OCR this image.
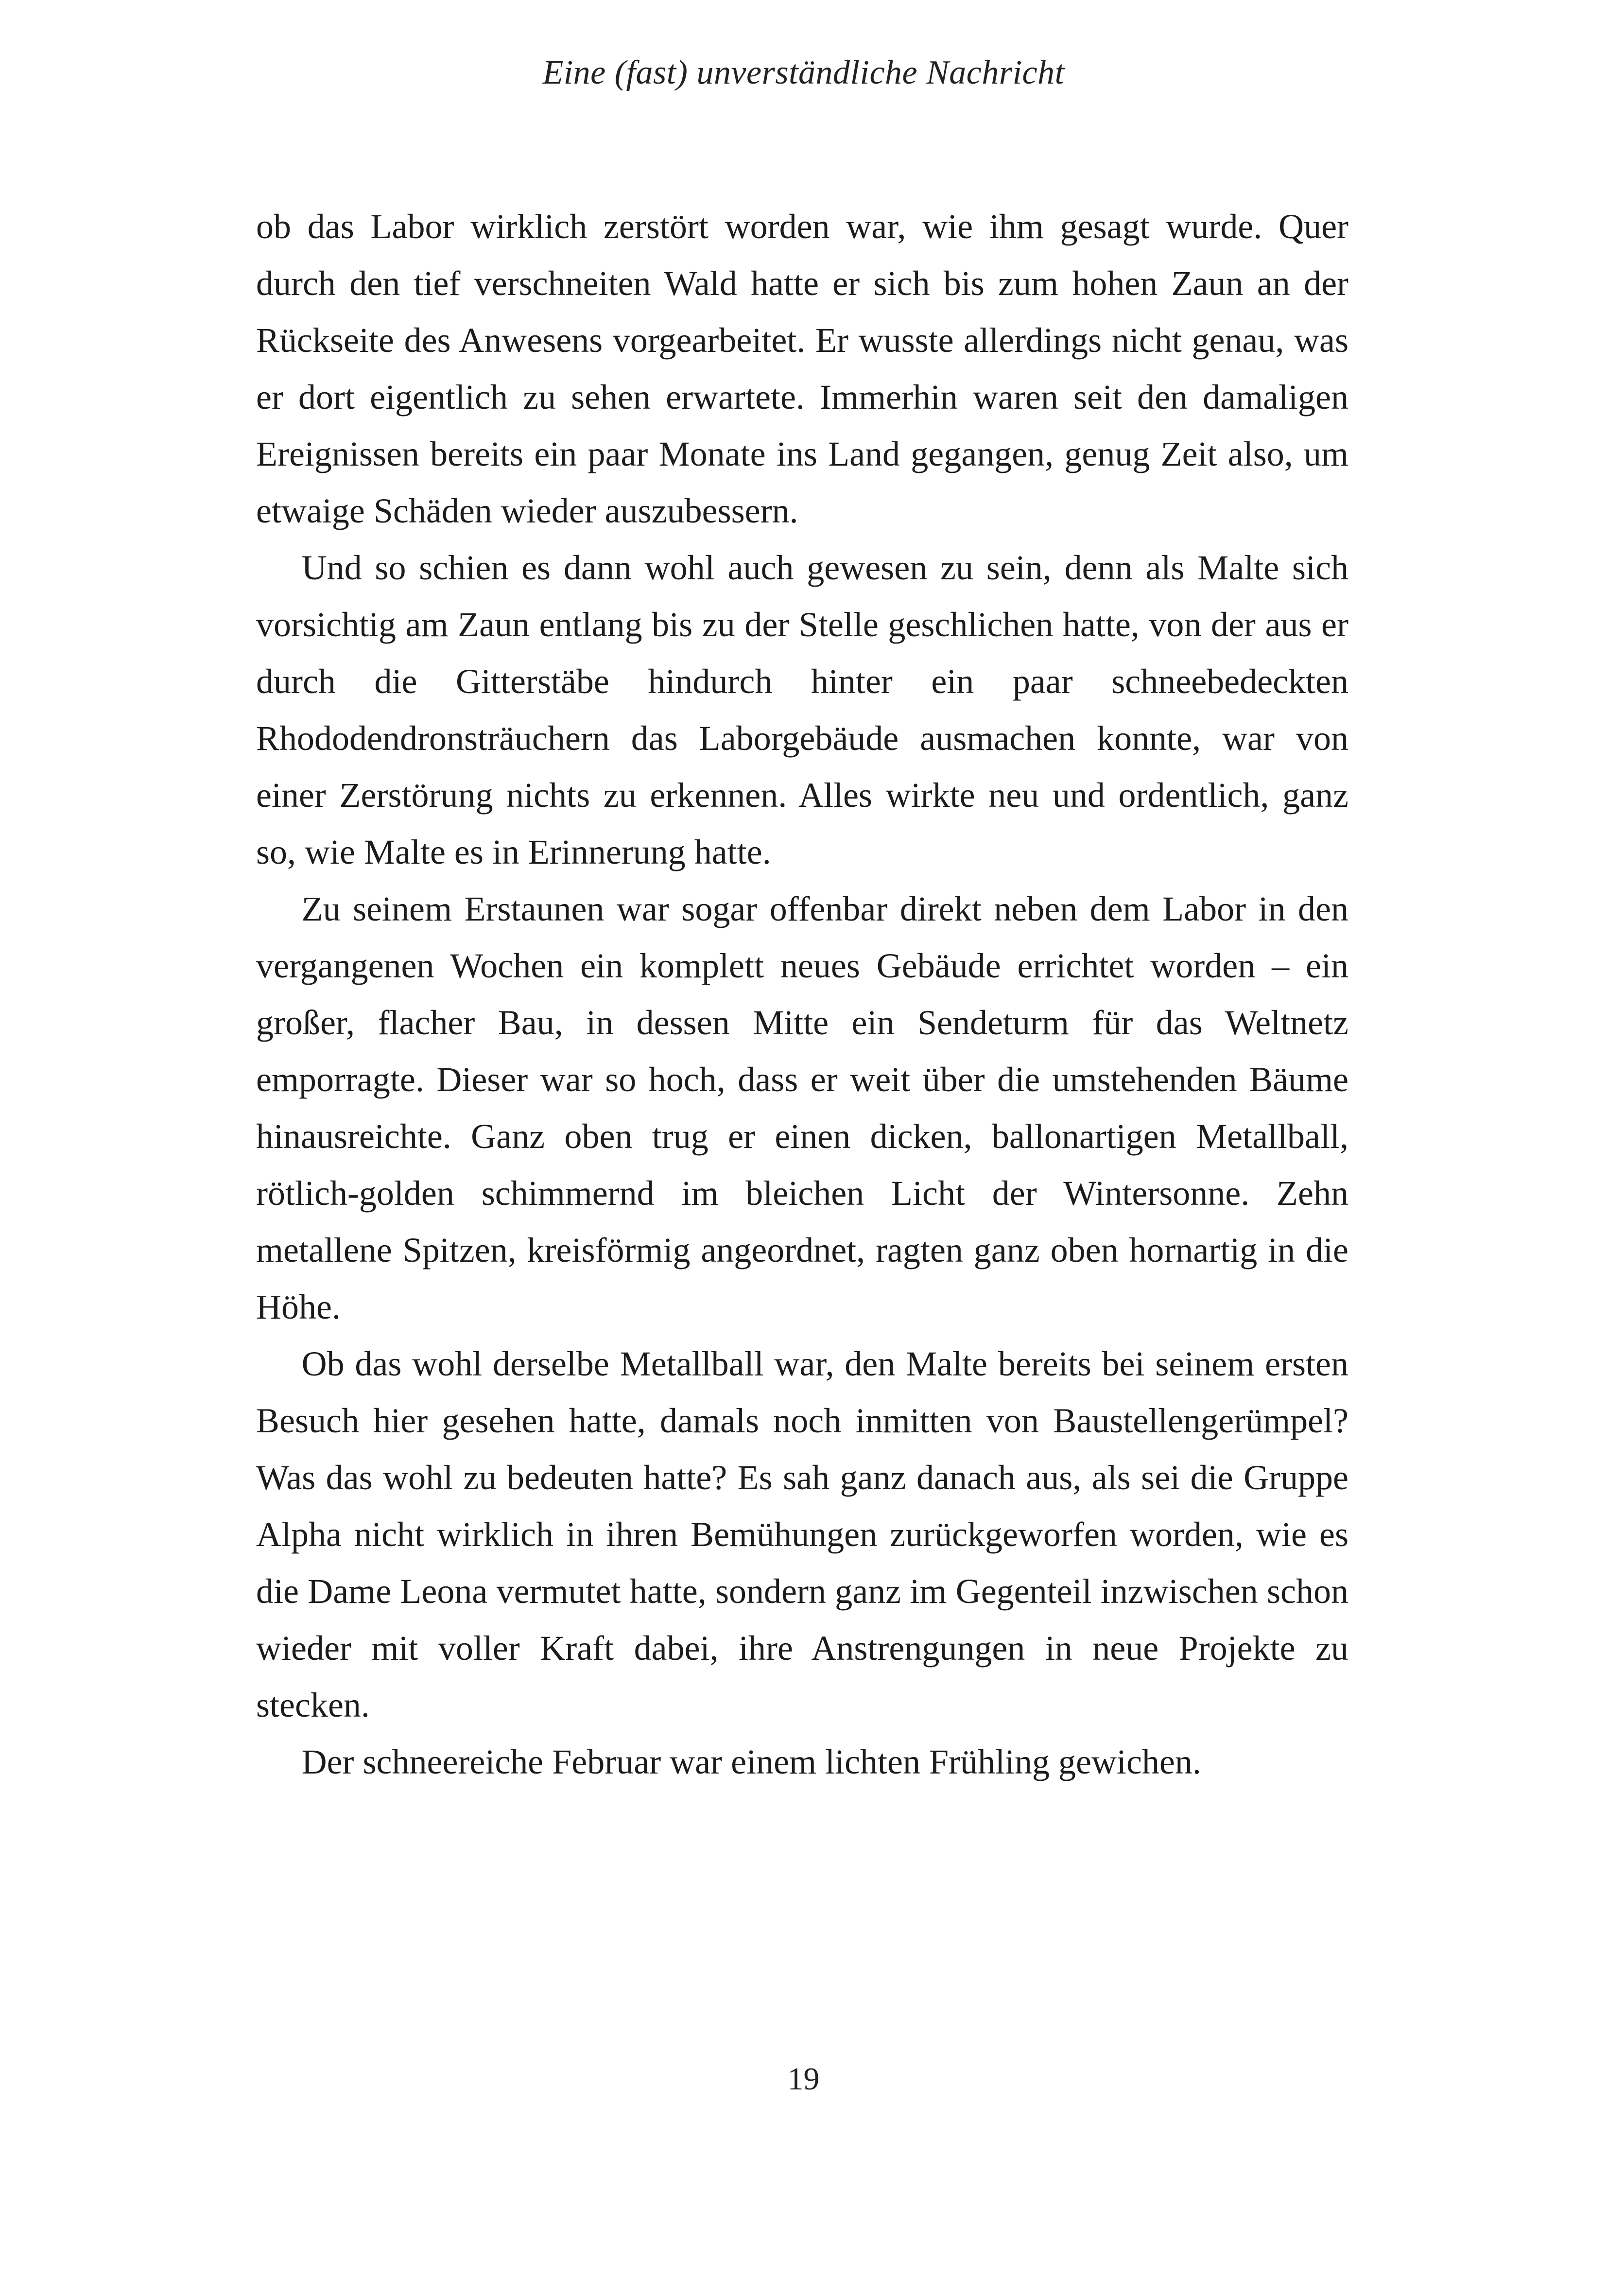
Eine (fast) unverständliche Nachricht

ob das Labor wirklich zerstört worden war, wie ihm gesagt wurde. Quer durch den tief verschneiten Wald hatte er sich bis zum hohen Zaun an der Rückseite des Anwesens vorgearbeitet. Er wusste allerdings nicht genau, was er dort eigentlich zu sehen erwartete. Immerhin waren seit den damaligen Ereignissen bereits ein paar Monate ins Land gegangen, genug Zeit also, um etwaige Schäden wieder auszubessern.

Und so schien es dann wohl auch gewesen zu sein, denn als Malte sich vorsichtig am Zaun entlang bis zu der Stelle geschlichen hatte, von der aus er durch die Gitterstäbe hindurch hinter ein paar schneebedeckten Rhododendronsträuchern das Laborgebäude ausmachen konnte, war von einer Zerstörung nichts zu erkennen. Alles wirkte neu und ordentlich, ganz so, wie Malte es in Erinnerung hatte.

Zu seinem Erstaunen war sogar offenbar direkt neben dem Labor in den vergangenen Wochen ein komplett neues Gebäude errichtet worden – ein großer, flacher Bau, in dessen Mitte ein Sendeturm für das Weltnetz emporragte. Dieser war so hoch, dass er weit über die umstehenden Bäume hinausreichte. Ganz oben trug er einen dicken, ballonartigen Metallball, rötlich-golden schimmernd im bleichen Licht der Wintersonne. Zehn metallene Spitzen, kreisförmig angeordnet, ragten ganz oben hornartig in die Höhe.

Ob das wohl derselbe Metallball war, den Malte bereits bei seinem ersten Besuch hier gesehen hatte, damals noch inmitten von Baustellengerümpel? Was das wohl zu bedeuten hatte? Es sah ganz danach aus, als sei die Gruppe Alpha nicht wirklich in ihren Bemühungen zurückgeworfen worden, wie es die Dame Leona vermutet hatte, sondern ganz im Gegenteil inzwischen schon wieder mit voller Kraft dabei, ihre Anstrengungen in neue Projekte zu stecken.

Der schneereiche Februar war einem lichten Frühling gewichen.

19
